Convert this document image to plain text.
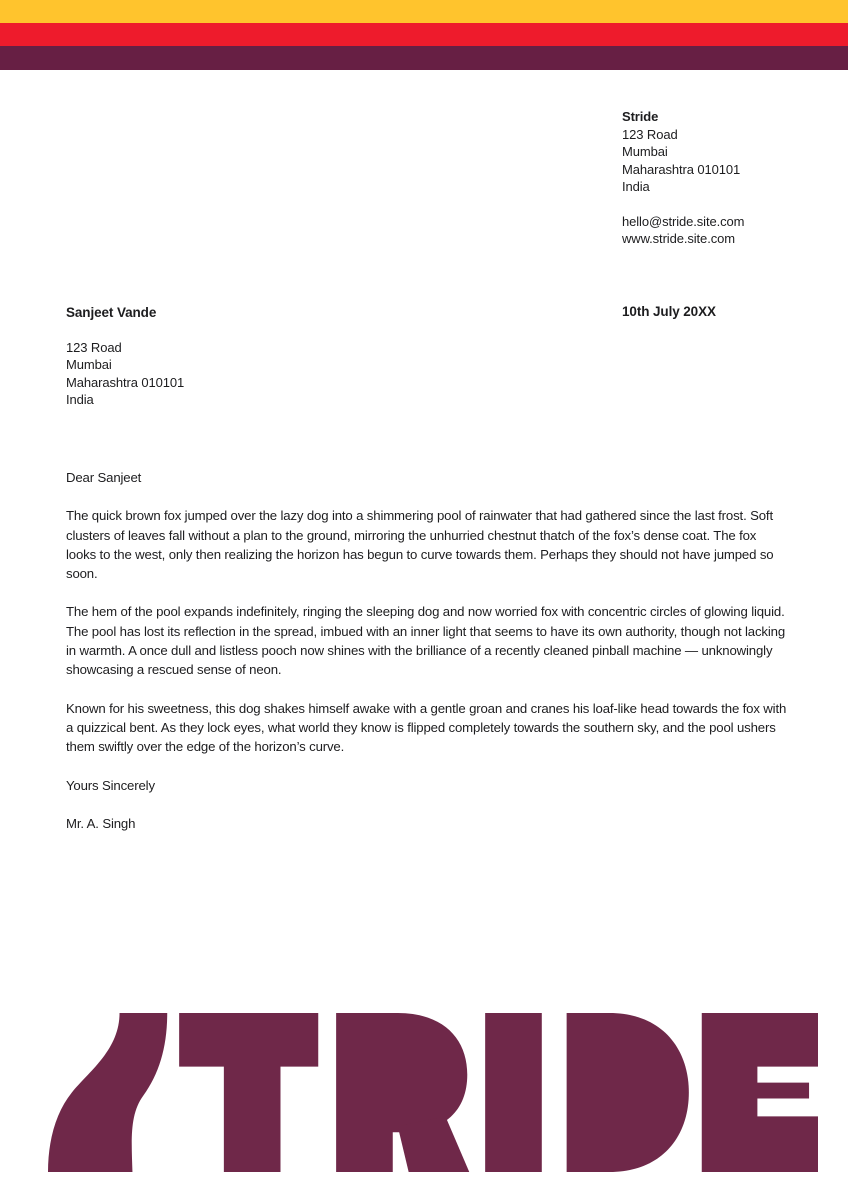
Stride
123 Road
Mumbai
Maharashtra 010101
India
hello@stride.site.com
www.stride.site.com
Sanjeet Vande
123 Road
Mumbai
Maharashtra 010101
India
10th July 20XX

Dear Sanjeet

The quick brown fox jumped over the lazy dog into a shimmering pool of rainwater that had gathered since the last frost. Soft clusters of leaves fall without a plan to the ground, mirroring the unhurried chestnut thatch of the fox’s dense coat. The fox looks to the west, only then realizing the horizon has begun to curve towards them. Perhaps they should not have jumped so soon.

The hem of the pool expands indefinitely, ringing the sleeping dog and now worried fox with concentric circles of glowing liquid. The pool has lost its reflection in the spread, imbued with an inner light that seems to have its own authority, though not lacking in warmth. A once dull and listless pooch now shines with the brilliance of a recently cleaned pinball machine — unknowingly showcasing a rescued sense of neon.

Known for his sweetness, this dog shakes himself awake with a gentle groan and cranes his loaf-like head towards the fox with a quizzical bent. As they lock eyes, what world they know is flipped completely towards the southern sky, and the pool ushers them swiftly over the edge of the horizon’s curve.

Yours Sincerely

Mr. A. Singh
